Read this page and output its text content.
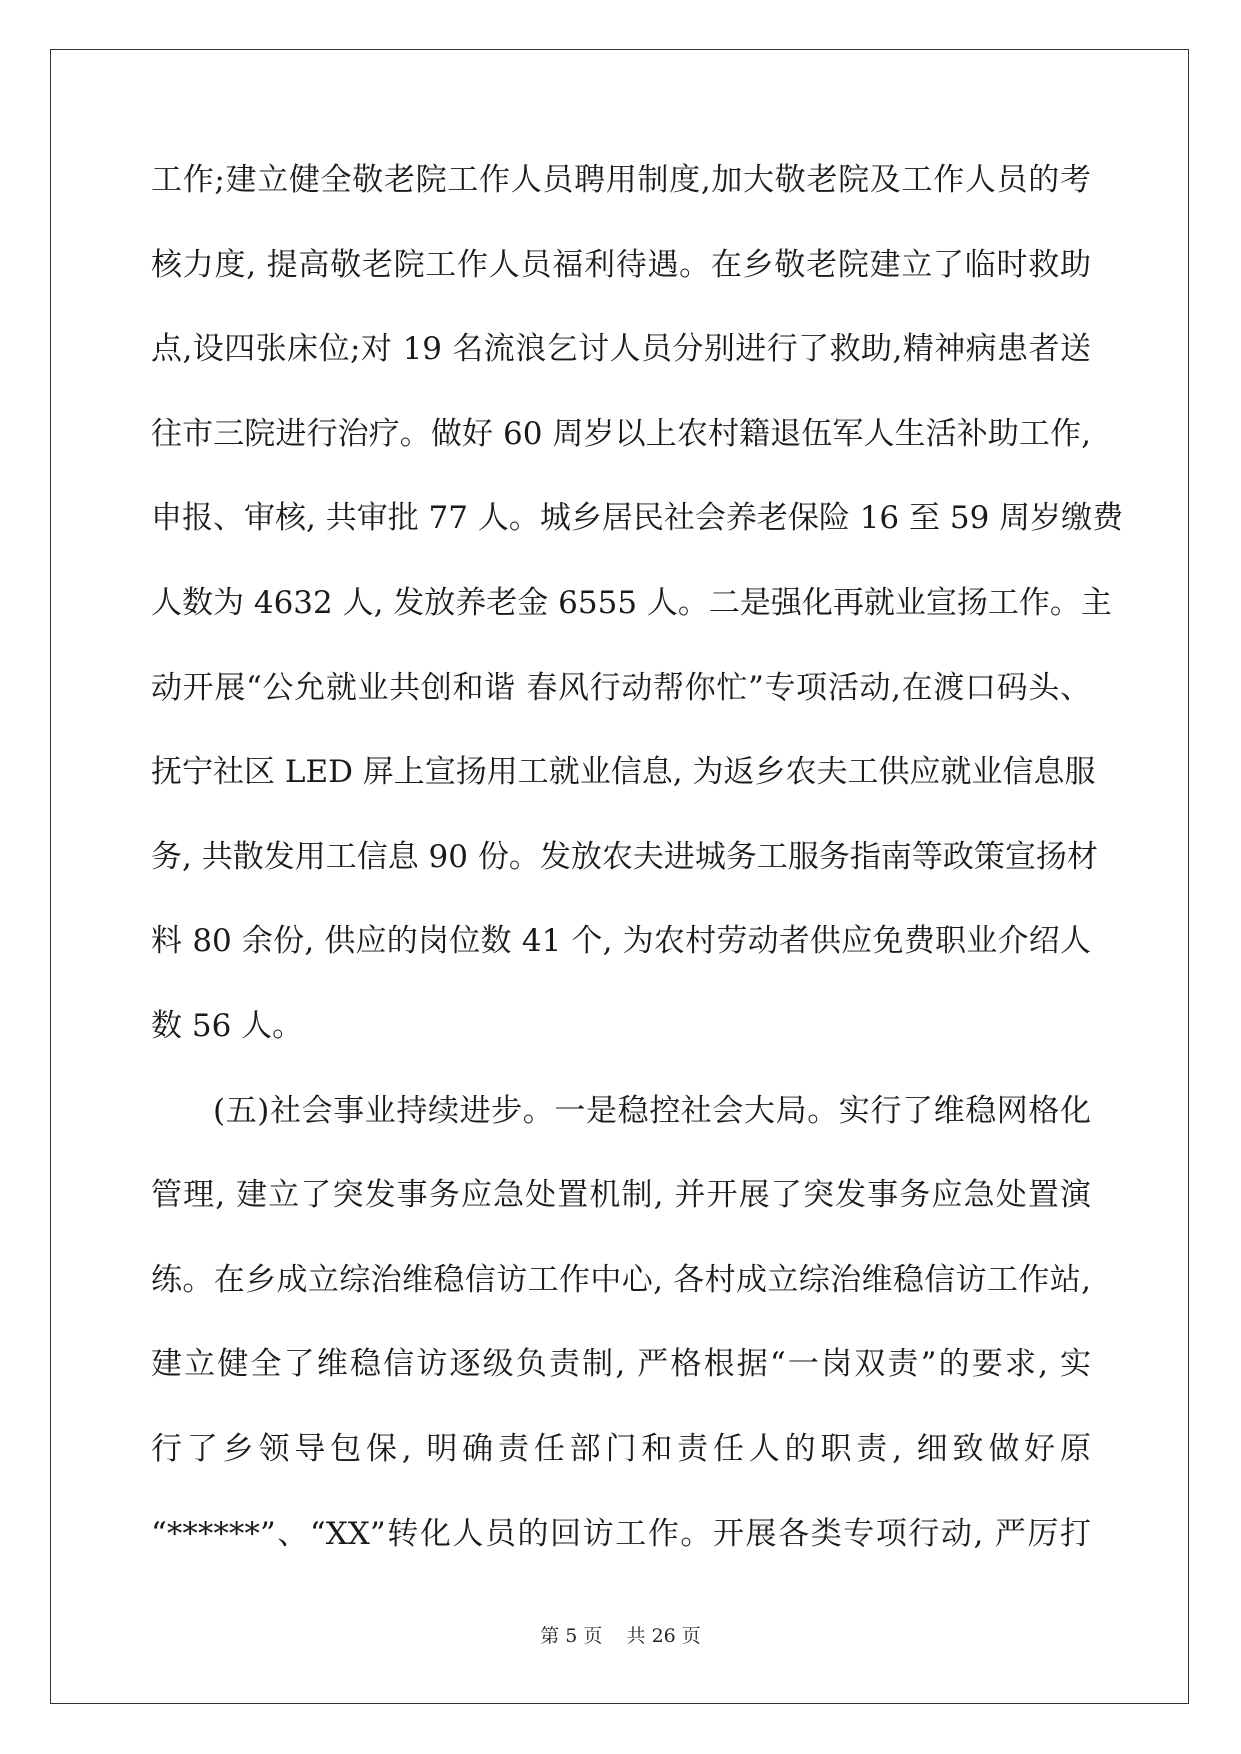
工作;建立健全敬老院工作人员聘用制度,加大敬老院及工作人员的考
核力度, 提高敬老院工作人员福利待遇。在乡敬老院建立了临时救助
点,设四张床位;对 19 名流浪乞讨人员分别进行了救助,精神病患者送
往市三院进行治疗。做好 60 周岁以上农村籍退伍军人生活补助工作,
申报、审核, 共审批 77 人。城乡居民社会养老保险 16 至 59 周岁缴费
人数为 4632 人, 发放养老金 6555 人。二是强化再就业宣扬工作。主
动开展“公允就业共创和谐 春风行动帮你忙”专项活动,在渡口码头、
抚宁社区 LED 屏上宣扬用工就业信息, 为返乡农夫工供应就业信息服
务, 共散发用工信息 90 份。发放农夫进城务工服务指南等政策宣扬材
料 80 余份, 供应的岗位数 41 个, 为农村劳动者供应免费职业介绍人
数 56 人。
(五)社会事业持续进步。一是稳控社会大局。实行了维稳网格化
管理, 建立了突发事务应急处置机制, 并开展了突发事务应急处置演
练。在乡成立综治维稳信访工作中心, 各村成立综治维稳信访工作站,
建立健全了维稳信访逐级负责制, 严格根据“一岗双责”的要求, 实
行了乡领导包保, 明确责任部门和责任人的职责, 细致做好原
“******”、“XX”转化人员的回访工作。开展各类专项行动, 严厉打
第 5 页    共 26 页
